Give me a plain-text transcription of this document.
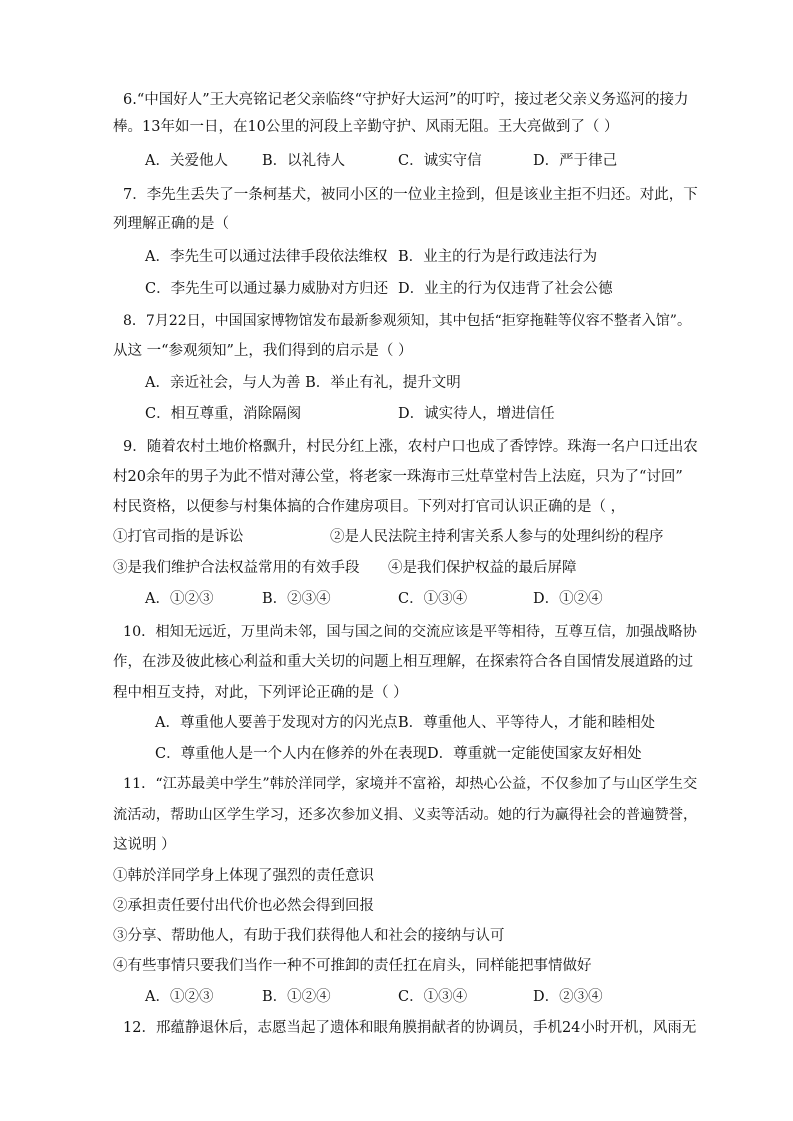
6.“中国好人”王大亮铭记老父亲临终“守护好大运河”的叮咛，接过老父亲义务巡河的接力
棒。13年如一日，在10公里的河段上辛勤守护、风雨无阻。王大亮做到了（ ）
A．关爱他人 B．以礼待人	C．诚实守信	D．严于律己
7．李先生丢失了一条柯基犬，被同小区的一位业主捡到，但是该业主拒不归还。对此，下
列理解正确的是（
A．李先生可以通过法律手段依法维权 B．业主的行为是行政违法行为
C．李先生可以通过暴力威胁对方归还 D．业主的行为仅违背了社会公德
8．7月22日，中国国家博物馆发布最新参观须知，其中包括“拒穿拖鞋等仪容不整者入馆”。
从这 一“参观须知”上，我们得到的启示是（ ）
A．亲近社会，与人为善 B．举止有礼，提升文明
C．相互尊重，消除隔阂	D．诚实待人，增进信任
9．随着农村土地价格飘升，村民分红上涨，农村户口也成了香饽饽。珠海一名户口迁出农
村20余年的男子为此不惜对薄公堂，将老家一珠海市三灶草堂村告上法庭，只为了“讨回”
村民资格，以便参与村集体搞的合作建房项目。下列对打官司认识正确的是（ ，
①打官司指的是诉讼	②是人民法院主持利害关系人参与的处理纠纷的程序
③是我们维护合法权益常用的有效手段 ④是我们保护权益的最后屏障
A．①②③	B．②③④	C．①③④	D．①②④
10．相知无远近，万里尚未邻，国与国之间的交流应该是平等相待，互尊互信，加强战略协
作，在涉及彼此核心利益和重大关切的问题上相互理解，在探索符合各自国情发展道路的过
程中相互支持，对此，下列评论正确的是（ ）
A．尊重他人要善于发现对方的闪光点 B．尊重他人、平等待人，才能和睦相处
C．尊重他人是一个人内在修养的外在表现 D．尊重就一定能使国家友好相处
11．“江苏最美中学生”韩於洋同学，家境并不富裕，却热心公益，不仅参加了与山区学生交
流活动，帮助山区学生学习，还多次参加义捐、义卖等活动。她的行为赢得社会的普遍赞誉，
这说明 ）
①韩於洋同学身上体现了强烈的责任意识
②承担责任要付出代价也必然会得到回报
③分享、帮助他人，有助于我们获得他人和社会的接纳与认可
④有些事情只要我们当作一种不可推卸的责任扛在肩头，同样能把事情做好
A．①②③	B．①②④	C．①③④	D．②③④
12．邢蕴静退休后，志愿当起了遗体和眼角膜捐献者的协调员，手机24小时开机，风雨无
